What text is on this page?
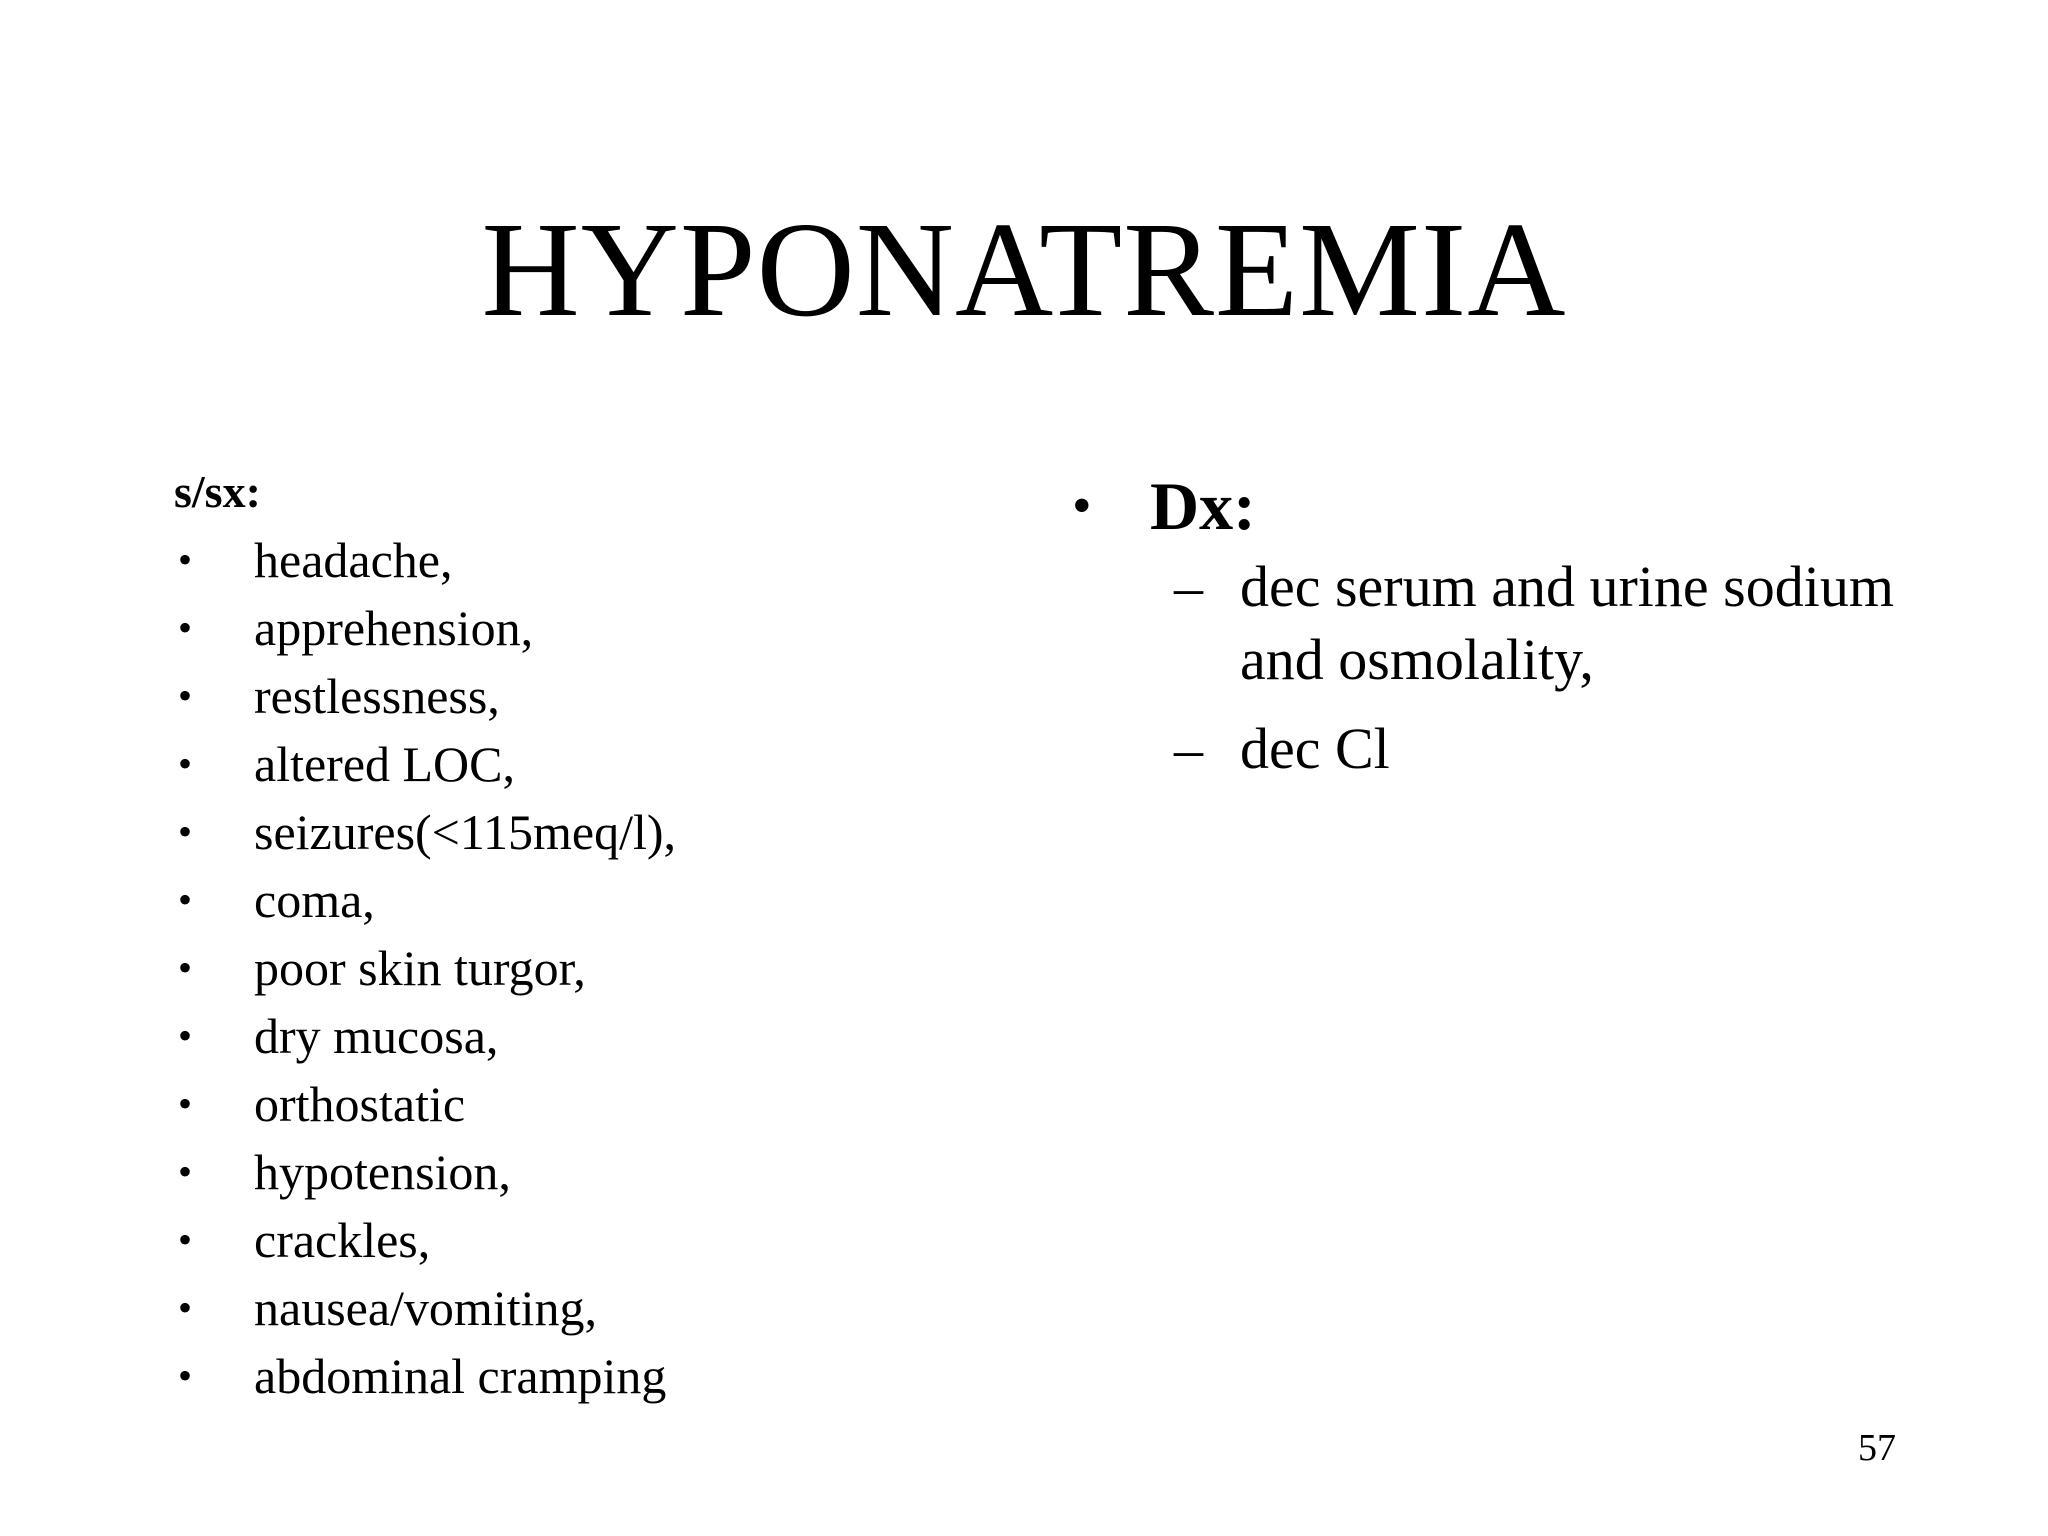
HYPONATREMIA
s/sx:
• headache,
• apprehension,
• restlessness,
• altered LOC,
• seizures(<115meq/l),
• coma,
• poor skin turgor,
• dry mucosa,
• orthostatic
• hypotension,
• crackles,
• nausea/vomiting,
• abdominal cramping
• Dx:
– dec serum and urine sodium and osmolality,
– dec Cl
57
